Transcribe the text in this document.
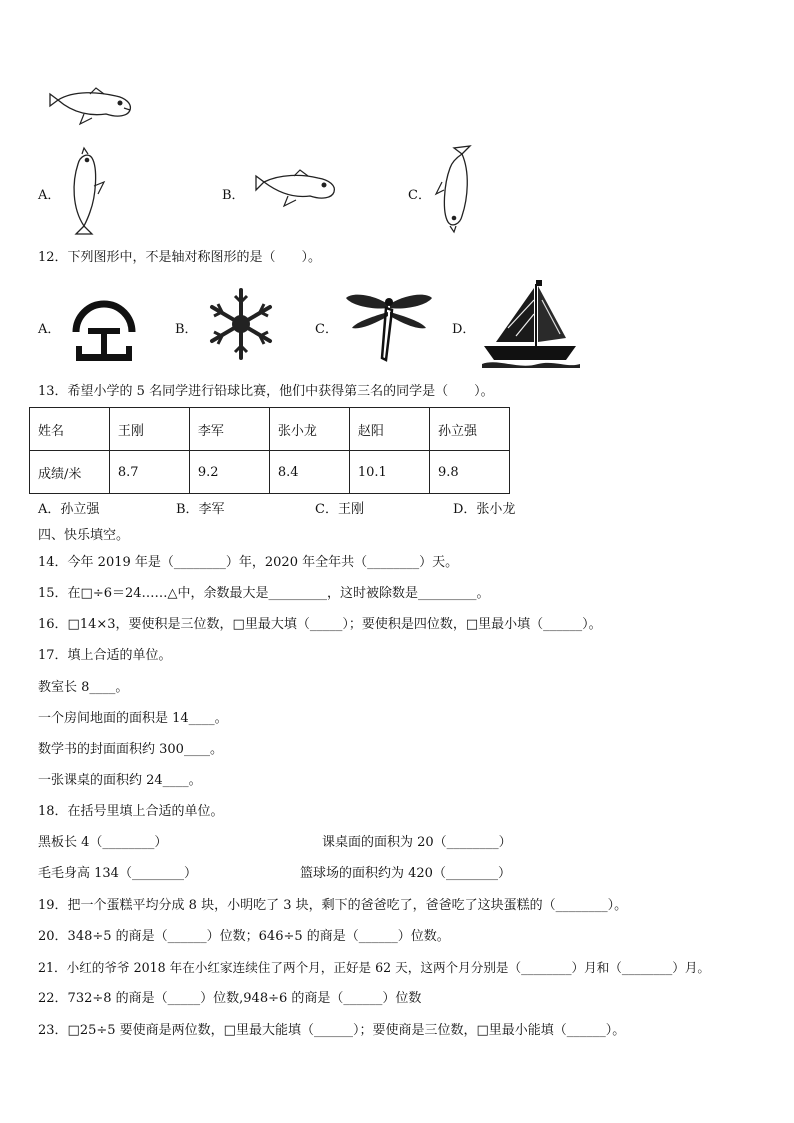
A．	B．	C．
12．下列图形中，不是轴对称图形的是（　　）。
A．	B．	C．	D．
13．希望小学的 5 名同学进行铅球比赛，他们中获得第三名的同学是（　　）。
姓名	王刚	李军	张小龙	赵阳	孙立强
成绩/米	8.7	9.2	8.4	10.1	9.8
A．孙立强	B．李军	C．王刚	D．张小龙
四、快乐填空。
14．今年 2019 年是（________）年，2020 年全年共（________）天。
15．在□÷6＝24……△中，余数最大是_________，这时被除数是_________。
16．□14×3，要使积是三位数，□里最大填（_____）；要使积是四位数，□里最小填（______）。
17．填上合适的单位。
教室长 8____。
一个房间地面的面积是 14____。
数学书的封面面积约 300____。
一张课桌的面积约 24____。
18．在括号里填上合适的单位。
黑板长 4（________）	课桌面的面积为 20（________）
毛毛身高 134（________）	篮球场的面积约为 420（________）
19．把一个蛋糕平均分成 8 块，小明吃了 3 块，剩下的爸爸吃了，爸爸吃了这块蛋糕的（________）。
20．348÷5 的商是（______）位数；646÷5 的商是（______）位数。
21．小红的爷爷 2018 年在小红家连续住了两个月，正好是 62 天，这两个月分别是（________）月和（________）月。
22．732÷8 的商是（_____）位数,948÷6 的商是（______）位数
23．□25÷5 要使商是两位数，□里最大能填（______）；要使商是三位数，□里最小能填（______）。
